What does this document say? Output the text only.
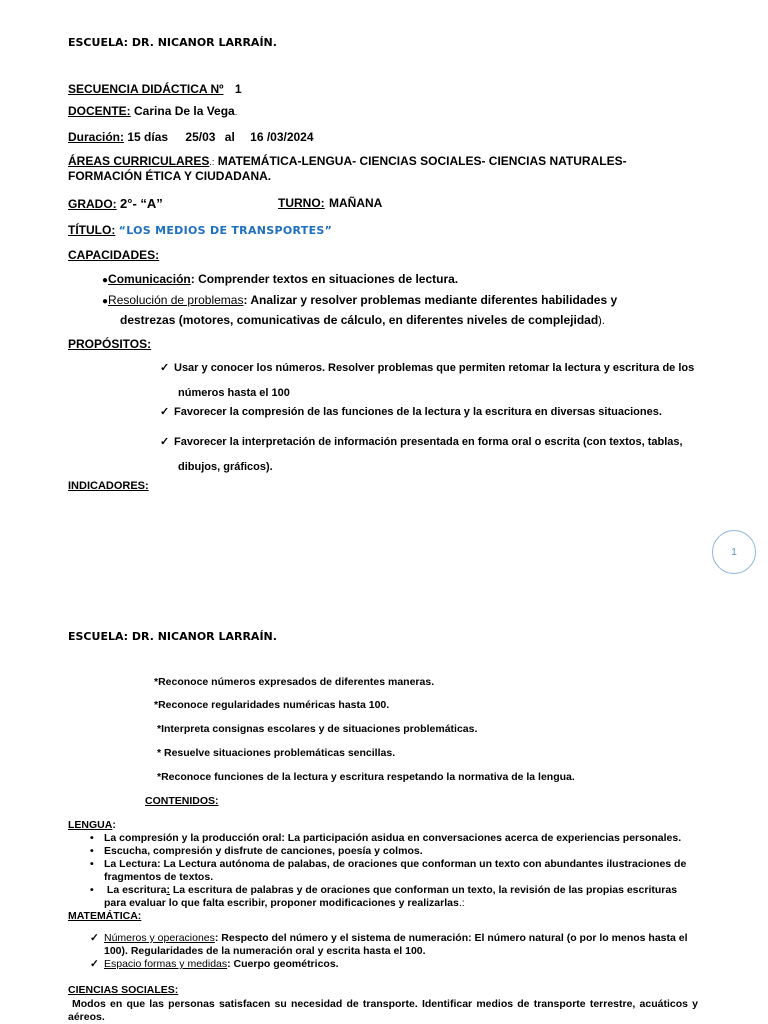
ESCUELA: DR. NICANOR LARRAÍN.
SECUENCIA DIDÁCTICA Nº 1
DOCENTE: Carina De la Vega.
Duración: 15 días 25/03 al 16 /03/2024
ÁREAS CURRICULARES.: MATEMÁTICA-LENGUA- CIENCIAS SOCIALES- CIENCIAS NATURALES- FORMACIÓN ÉTICA Y CIUDADANA.
GRADO: 2°- “A”	TURNO: MAÑANA
TÍTULO: “LOS MEDIOS DE TRANSPORTES”
CAPACIDADES:
●Comunicación: Comprender textos en situaciones de lectura.
●Resolución de problemas: Analizar y resolver problemas mediante diferentes habilidades y
destrezas (motores, comunicativas de cálculo, en diferentes niveles de complejidad).
PROPÓSITOS:
✓ Usar y conocer los números. Resolver problemas que permiten retomar la lectura y escritura de los
números hasta el 100
✓ Favorecer la compresión de las funciones de la lectura y la escritura en diversas situaciones.
✓ Favorecer la interpretación de información presentada en forma oral o escrita (con textos, tablas,
dibujos, gráficos).
INDICADORES:
1
ESCUELA: DR. NICANOR LARRAÍN.
*Reconoce números expresados de diferentes maneras.
*Reconoce regularidades numéricas hasta 100.
*Interpreta consignas escolares y de situaciones problemáticas.
* Resuelve situaciones problemáticas sencillas.
*Reconoce funciones de la lectura y escritura respetando la normativa de la lengua.
CONTENIDOS:
LENGUA:
• La compresión y la producción oral: La participación asidua en conversaciones acerca de experiencias personales.
• Escucha, compresión y disfrute de canciones, poesía y colmos.
• La Lectura: La Lectura autónoma de palabas, de oraciones que conforman un texto con abundantes ilustraciones de fragmentos de textos.
• La escritura: La escritura de palabras y de oraciones que conforman un texto, la revisión de las propias escrituras para evaluar lo que falta escribir, proponer modificaciones y realizarlas.:
MATEMÁTICA:
✓ Números y operaciones: Respecto del número y el sistema de numeración: El número natural (o por lo menos hasta el 100). Regularidades de la numeración oral y escrita hasta el 100.
✓ Espacio formas y medidas: Cuerpo geométricos.
CIENCIAS SOCIALES:
Modos en que las personas satisfacen su necesidad de transporte. Identificar medios de transporte terrestre, acuáticos y aéreos.
